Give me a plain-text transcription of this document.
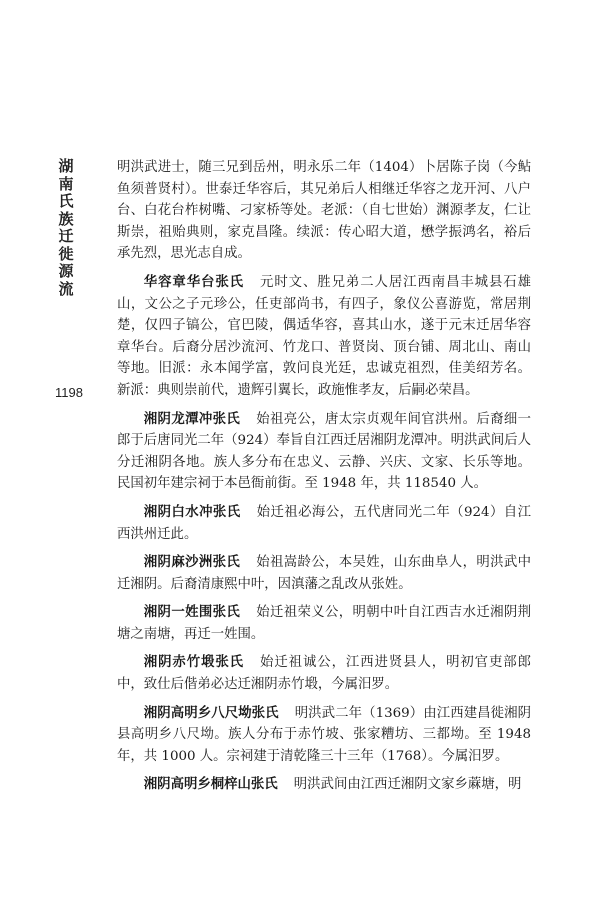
湖
南
氏
族
迁
徙
源
流
1198

明洪武进士，随三兄到岳州，明永乐二年（1404）卜居陈子岗（今鲇鱼须普贤村）。世泰迁华容后，其兄弟后人相继迁华容之龙开河、八户台、白花台柞树嘴、刁家桥等处。老派：（自七世始）渊源孝友，仁让斯崇，祖贻典则，家克昌隆。续派：传心昭大道，懋学振鸿名，裕后承先烈，思光志自成。

华容章华台张氏 元时文、胜兄弟二人居江西南昌丰城县石雄山，文公之子元珍公，任吏部尚书，有四子，象仪公喜游览，常居荆楚，仅四子镐公，官巴陵，偶适华容，喜其山水，遂于元末迁居华容章华台。后裔分居沙流河、竹龙口、普贤岗、顶台铺、周北山、南山等地。旧派：永本闻学富，敦问良光廷，忠诚克祖烈，佳美绍芳名。新派：典则崇前代，遗辉引翼长，政施惟孝友，后嗣必荣昌。

湘阴龙潭冲张氏 始祖亮公，唐太宗贞观年间官洪州。后裔细一郎于后唐同光二年（924）奉旨自江西迁居湘阴龙潭冲。明洪武间后人分迁湘阴各地。族人多分布在忠义、云静、兴庆、文家、长乐等地。民国初年建宗祠于本邑衙前街。至 1948 年，共 118540 人。

湘阴白水冲张氏 始迁祖必海公，五代唐同光二年（924）自江西洪州迁此。

湘阴麻沙洲张氏 始祖嵩龄公，本吴姓，山东曲阜人，明洪武中迁湘阴。后裔清康熙中叶，因滇藩之乱改从张姓。

湘阴一姓围张氏 始迁祖荣义公，明朝中叶自江西吉水迁湘阴荆塘之南塘，再迁一姓围。

湘阴赤竹塅张氏 始迁祖诚公，江西进贤县人，明初官吏部郎中，致仕后偕弟必达迁湘阴赤竹塅，今属汨罗。

湘阴高明乡八尺坳张氏 明洪武二年（1369）由江西建昌徙湘阴县高明乡八尺坳。族人分布于赤竹坡、张家糟坊、三都坳。至 1948 年，共 1000 人。宗祠建于清乾隆三十三年（1768）。今属汨罗。

湘阴高明乡桐梓山张氏 明洪武间由江西迁湘阴文家乡蔴塘，明
